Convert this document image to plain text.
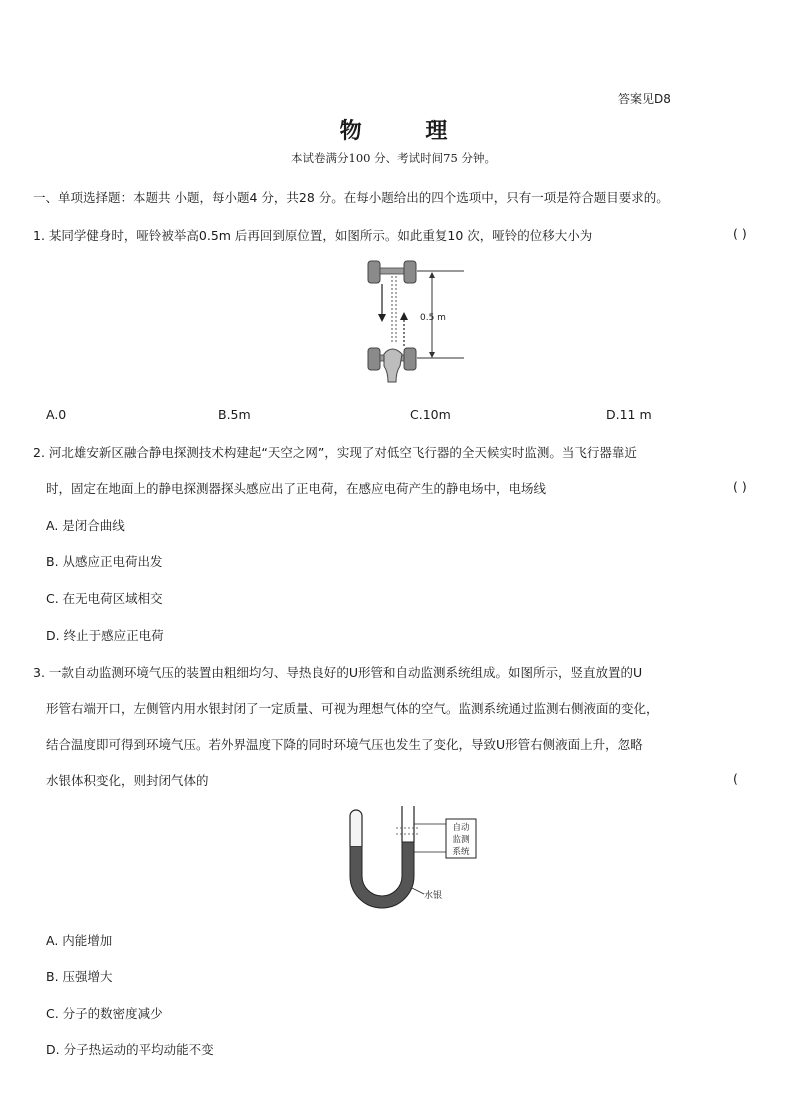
答案见D8
物 理
本试卷满分100 分、考试时间75 分钟。
一、单项选择题：本题共 小题，每小题4 分，共28 分。在每小题给出的四个选项中，只有一项是符合题目要求的。
1. 某同学健身时，哑铃被举高0.5m 后再回到原位置，如图所示。如此重复10 次，哑铃的位移大小为	( )
0.5 m
A.0	B.5m	C.10m	D.11 m
2. 河北雄安新区融合静电探测技术构建起“天空之网”，实现了对低空飞行器的全天候实时监测。当飞行器靠近
时，固定在地面上的静电探测器探头感应出了正电荷，在感应电荷产生的静电场中，电场线	( )
A. 是闭合曲线
B. 从感应正电荷出发
C. 在无电荷区域相交
D. 终止于感应正电荷
3. 一款自动监测环境气压的装置由粗细均匀、导热良好的U形管和自动监测系统组成。如图所示，竖直放置的U
形管右端开口，左侧管内用水银封闭了一定质量、可视为理想气体的空气。监测系统通过监测右侧液面的变化，
结合温度即可得到环境气压。若外界温度下降的同时环境气压也发生了变化，导致U形管右侧液面上升，忽略
水银体积变化，则封闭气体的	(
自动
监测
系统
水银
A. 内能增加
B. 压强增大
C. 分子的数密度减少
D. 分子热运动的平均动能不变
